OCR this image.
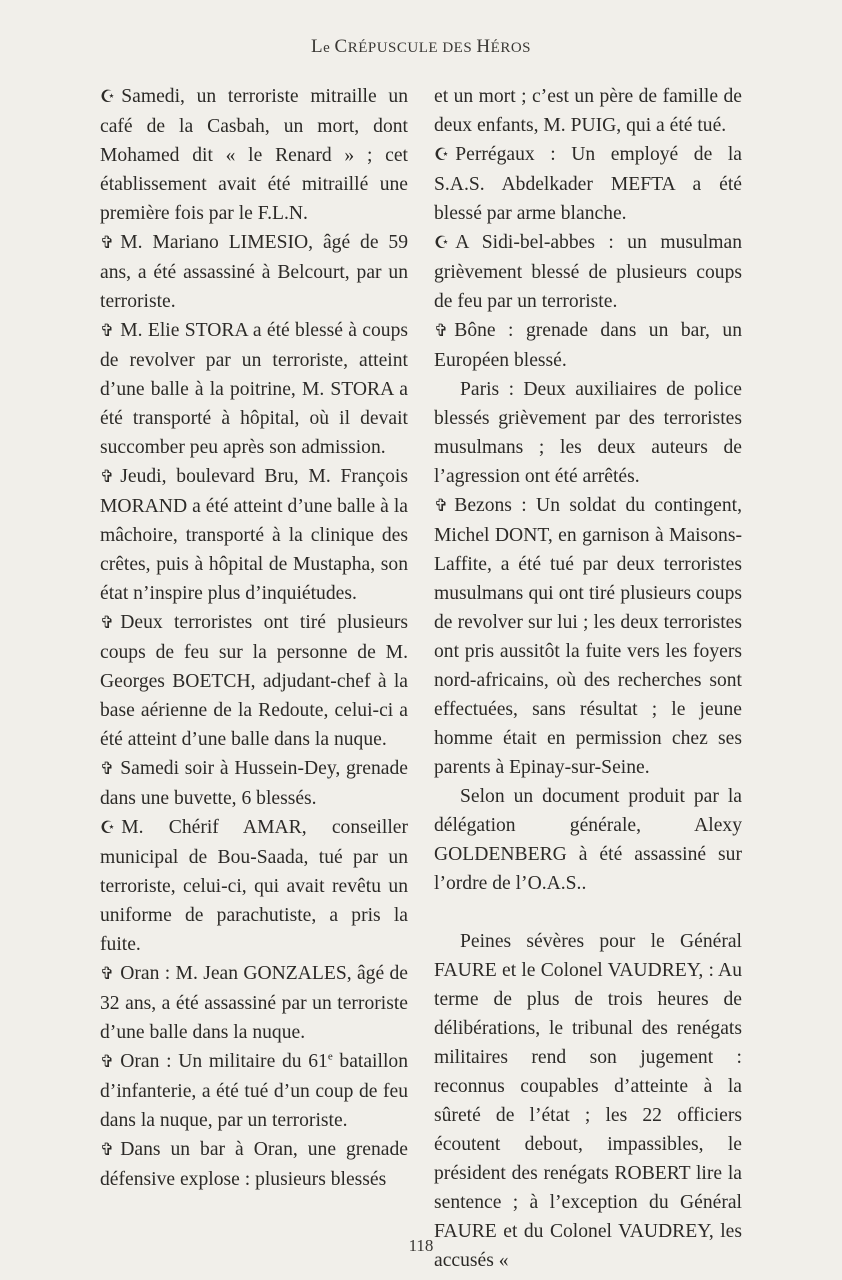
Le CRÉPUSCULE DES HÉROS

☪ Samedi, un terroriste mitraille un café de la Casbah, un mort, dont Mohamed dit « le Renard » ; cet établissement avait été mitraillé une première fois par le F.L.N.

✞ M. Mariano LIMESIO, âgé de 59 ans, a été assassiné à Belcourt, par un terroriste.

✞ M. Elie STORA a été blessé à coups de revolver par un terroriste, atteint d’une balle à la poitrine, M. STORA a été transporté à hôpital, où il devait succomber peu après son admission.

✞ Jeudi, boulevard Bru, M. François MORAND a été atteint d’une balle à la mâchoire, transporté à la clinique des crêtes, puis à hôpital de Mustapha, son état n’inspire plus d’inquiétudes.

✞ Deux terroristes ont tiré plusieurs coups de feu sur la personne de M. Georges BOETCH, adjudant-chef à la base aérienne de la Redoute, celui-ci a été atteint d’une balle dans la nuque.

✞ Samedi soir à Hussein-Dey, grenade dans une buvette, 6 blessés.

☪ M. Chérif AMAR, conseiller municipal de Bou-Saada, tué par un terroriste, celui-ci, qui avait revêtu un uniforme de parachutiste, a pris la fuite.

✞ Oran : M. Jean GONZALES, âgé de 32 ans, a été assassiné par un terroriste d’une balle dans la nuque.

✞ Oran : Un militaire du 61e bataillon d’infanterie, a été tué d’un coup de feu dans la nuque, par un terroriste.

✞ Dans un bar à Oran, une grenade défensive explose : plusieurs blessés

et un mort ; c’est un père de famille de deux enfants, M. PUIG, qui a été tué.

☪ Perrégaux : Un employé de la S.A.S. Abdelkader MEFTA a été blessé par arme blanche.

☪ A Sidi-bel-abbes : un musulman grièvement blessé de plusieurs coups de feu par un terroriste.

✞ Bône : grenade dans un bar, un Européen blessé.

Paris : Deux auxiliaires de police blessés grièvement par des terroristes musulmans ; les deux auteurs de l’agression ont été arrêtés.

✞ Bezons : Un soldat du contingent, Michel DONT, en garnison à Maisons-Laffite, a été tué par deux terroristes musulmans qui ont tiré plusieurs coups de revolver sur lui ; les deux terroristes ont pris aussitôt la fuite vers les foyers nord-africains, où des recherches sont effectuées, sans résultat ; le jeune homme était en permission chez ses parents à Epinay-sur-Seine.

Selon un document produit par la délégation générale, Alexy GOLDENBERG à été assassiné sur l’ordre de l’O.A.S..

Peines sévères pour le Général FAURE et le Colonel VAUDREY, : Au terme de plus de trois heures de délibérations, le tribunal des renégats militaires rend son jugement : reconnus coupables d’atteinte à la sûreté de l’état ; les 22 officiers écoutent debout, impassibles, le président des renégats ROBERT lire la sentence ; à l’exception du Général FAURE et du Colonel VAUDREY, les accusés «

118
